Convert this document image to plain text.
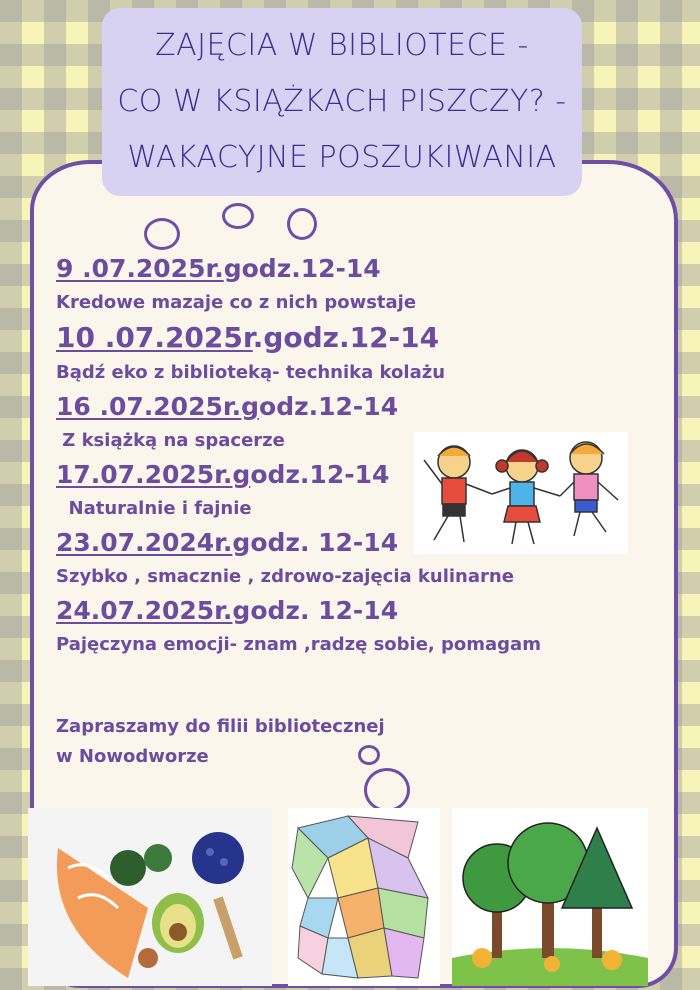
ZAJĘCIA W BIBLIOTECE -
CO W KSIĄŻKACH PISZCZY? -
WAKACYJNE POSZUKIWANIA
9 .07.2025r.godz.12-14
Kredowe mazaje co z nich powstaje
10 .07.2025r.godz.12-14
Bądź eko z biblioteką- technika kolażu
16 .07.2025r.godz.12-14
Z książką na spacerze
17.07.2025r.godz.12-14
Naturalnie i fajnie
23.07.2024r.godz. 12-14
Szybko , smacznie , zdrowo-zajęcia kulinarne
24.07.2025r.godz. 12-14
Pajęczyna emocji- znam ,radzę sobie, pomagam
Zapraszamy do filii bibliotecznej
w Nowodworze
